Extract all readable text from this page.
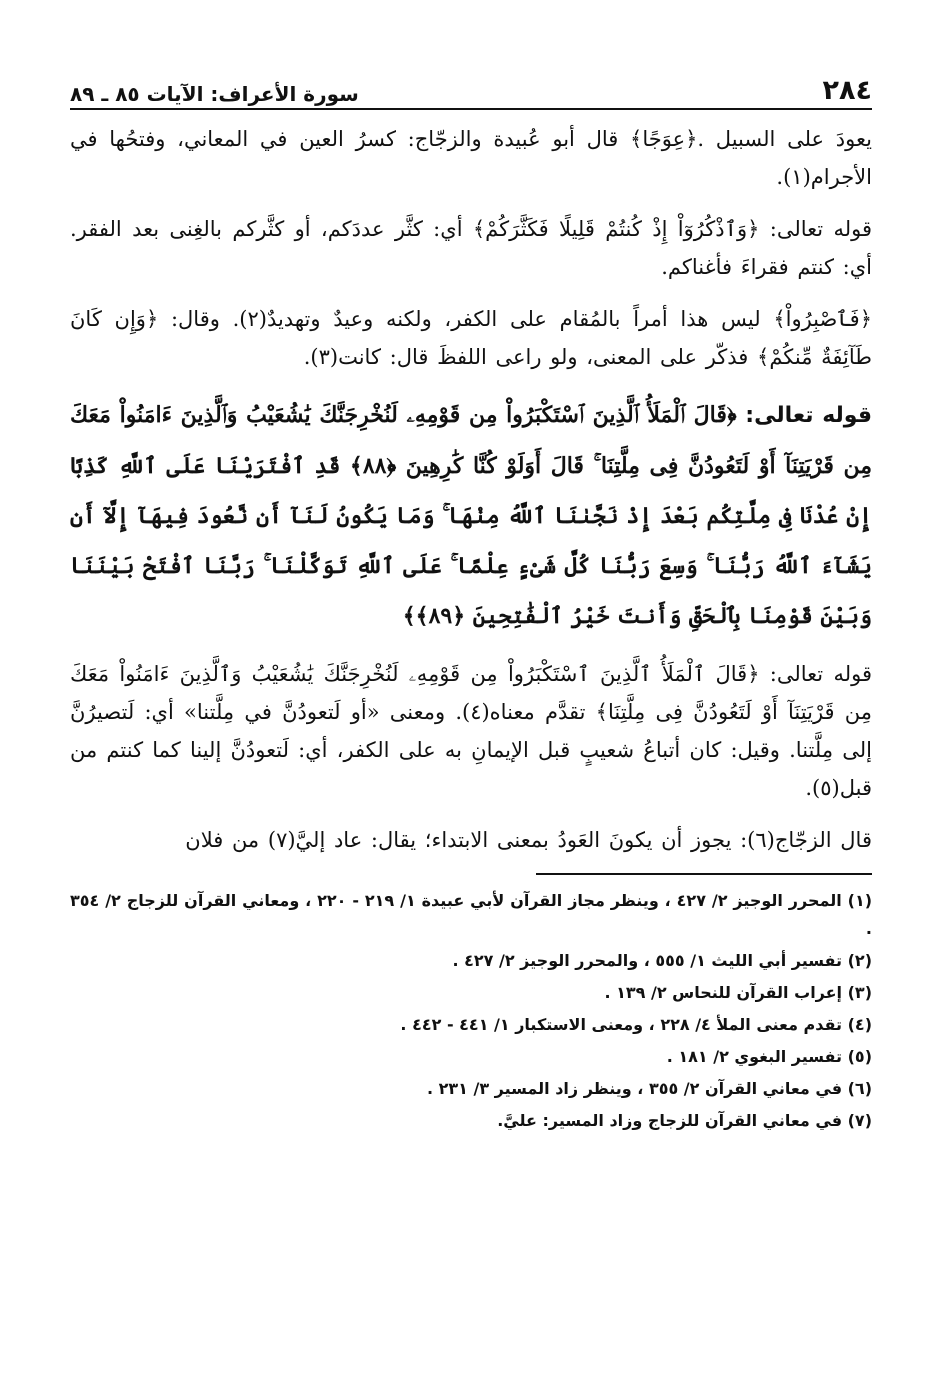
٢٨٤
سورة الأعراف: الآيات ٨٥ ـ ٨٩

يعودَ على السبيل .﴿عِوَجًا﴾ قال أبو عُبيدة والزجّاج: كسرُ العين في المعاني، وفتحُها في الأجرام(١).

قوله تعالى: ﴿وَٱذْكُرُوٓاْ إِذْ كُنتُمْ قَلِيلًا فَكَثَّرَكُمْ﴾ أي: كثَّر عددَكم، أو كثَّركم بالغِنى بعد الفقر. أي: كنتم فقراءَ فأغناكم.

﴿فَٱصْبِرُواْ﴾ ليس هذا أمراً بالمُقام على الكفر، ولكنه وعيدٌ وتهديدٌ(٢). وقال: ﴿وَإِن كَانَ طَآئِفَةٌ مِّنكُمْ﴾ فذكّر على المعنى، ولو راعى اللفظَ قال: كانت(٣).

قوله تعالى: ﴿قَالَ ٱلْمَلَأُ ٱلَّذِينَ ٱسْتَكْبَرُواْ مِن قَوْمِهِۦ لَنُخْرِجَنَّكَ يَٰشُعَيْبُ وَٱلَّذِينَ ءَامَنُواْ مَعَكَ مِن قَرْيَتِنَآ أَوْ لَتَعُودُنَّ فِى مِلَّتِنَا ۚ قَالَ أَوَلَوْ كُنَّا كَٰرِهِينَ ﴿٨٨﴾ قَدِ ٱفْتَرَيْنَا عَلَى ٱللَّهِ كَذِبًا إِنْ عُدْنَا فِى مِلَّتِكُم بَعْدَ إِذْ نَجَّىٰنَا ٱللَّهُ مِنْهَا ۚ وَمَا يَكُونُ لَنَآ أَن نَّعُودَ فِيهَآ إِلَّآ أَن يَشَآءَ ٱللَّهُ رَبُّنَا ۚ وَسِعَ رَبُّنَا كُلَّ شَىْءٍ عِلْمًا ۚ عَلَى ٱللَّهِ تَوَكَّلْنَا ۚ رَبَّنَا ٱفْتَحْ بَيْنَنَا وَبَيْنَ قَوْمِنَا بِٱلْحَقِّ وَأَنتَ خَيْرُ ٱلْفَٰتِحِينَ ﴿٨٩﴾﴾

قوله تعالى: ﴿قَالَ ٱلْمَلَأُ ٱلَّذِينَ ٱسْتَكْبَرُواْ مِن قَوْمِهِۦ لَنُخْرِجَنَّكَ يَٰشُعَيْبُ وَٱلَّذِينَ ءَامَنُواْ مَعَكَ مِن قَرْيَتِنَآ أَوْ لَتَعُودُنَّ فِى مِلَّتِنَا﴾ تقدَّم معناه(٤). ومعنى «أو لَتعودُنَّ في مِلَّتنا» أي: لَتصيرُنَّ إلى مِلَّتنا. وقيل: كان أتباعُ شعيبٍ قبل الإيمانِ به على الكفر، أي: لَتعودُنَّ إلينا كما كنتم من قبل(٥).

قال الزجّاج(٦): يجوز أن يكونَ العَودُ بمعنى الابتداء؛ يقال: عاد إليَّ(٧) من فلان

(١) المحرر الوجيز ٢/ ٤٢٧ ، وينظر مجاز القرآن لأبي عبيدة ١/ ٢١٩ - ٢٢٠ ، ومعاني القرآن للزجاج ٢/ ٣٥٤ .

(٢) تفسير أبي الليث ١/ ٥٥٥ ، والمحرر الوجيز ٢/ ٤٢٧ .

(٣) إعراب القرآن للنحاس ٢/ ١٣٩ .

(٤) تقدم معنى الملأ ٤/ ٢٢٨ ، ومعنى الاستكبار ١/ ٤٤١ - ٤٤٢ .

(٥) تفسير البغوي ٢/ ١٨١ .

(٦) في معاني القرآن ٢/ ٣٥٥ ، وينظر زاد المسير ٣/ ٢٣١ .

(٧) في معاني القرآن للزجاج وزاد المسير: عليَّ.
